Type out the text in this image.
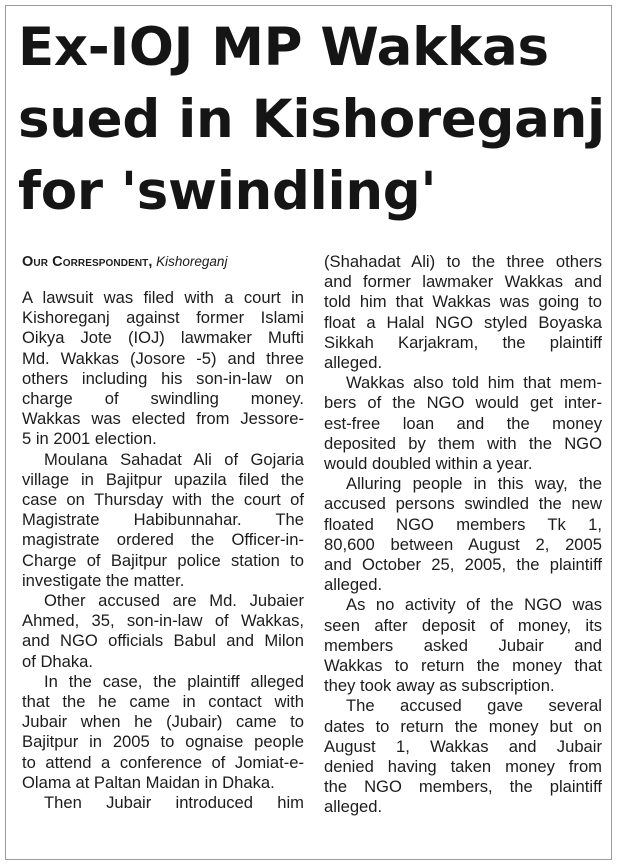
Ex-IOJ MP Wakkas
sued in Kishoreganj
for 'swindling'

Our Correspondent, Kishoreganj

A lawsuit was filed with a court in
Kishoreganj against former Islami
Oikya Jote (IOJ) lawmaker Mufti
Md. Wakkas (Josore -5) and three
others including his son-in-law on
charge of swindling money.
Wakkas was elected from Jessore-
5 in 2001 election.

Moulana Sahadat Ali of Gojaria
village in Bajitpur upazila filed the
case on Thursday with the court of
Magistrate Habibunnahar. The
magistrate ordered the Officer-in-
Charge of Bajitpur police station to
investigate the matter.

Other accused are Md. Jubaier
Ahmed, 35, son-in-law of Wakkas,
and NGO officials Babul and Milon
of Dhaka.

In the case, the plaintiff alleged
that the he came in contact with
Jubair when he (Jubair) came to
Bajitpur in 2005 to ognaise people
to attend a conference of Jomiat-e-
Olama at Paltan Maidan in Dhaka.

Then Jubair introduced him

(Shahadat Ali) to the three others
and former lawmaker Wakkas and
told him that Wakkas was going to
float a Halal NGO styled Boyaska
Sikkah Karjakram, the plaintiff
alleged.

Wakkas also told him that mem-
bers of the NGO would get inter-
est-free loan and the money
deposited by them with the NGO
would doubled within a year.

Alluring people in this way, the
accused persons swindled the new
floated NGO members Tk 1,
80,600 between August 2, 2005
and October 25, 2005, the plaintiff
alleged.

As no activity of the NGO was
seen after deposit of money, its
members asked Jubair and
Wakkas to return the money that
they took away as subscription.

The accused gave several
dates to return the money but on
August 1, Wakkas and Jubair
denied having taken money from
the NGO members, the plaintiff
alleged.
